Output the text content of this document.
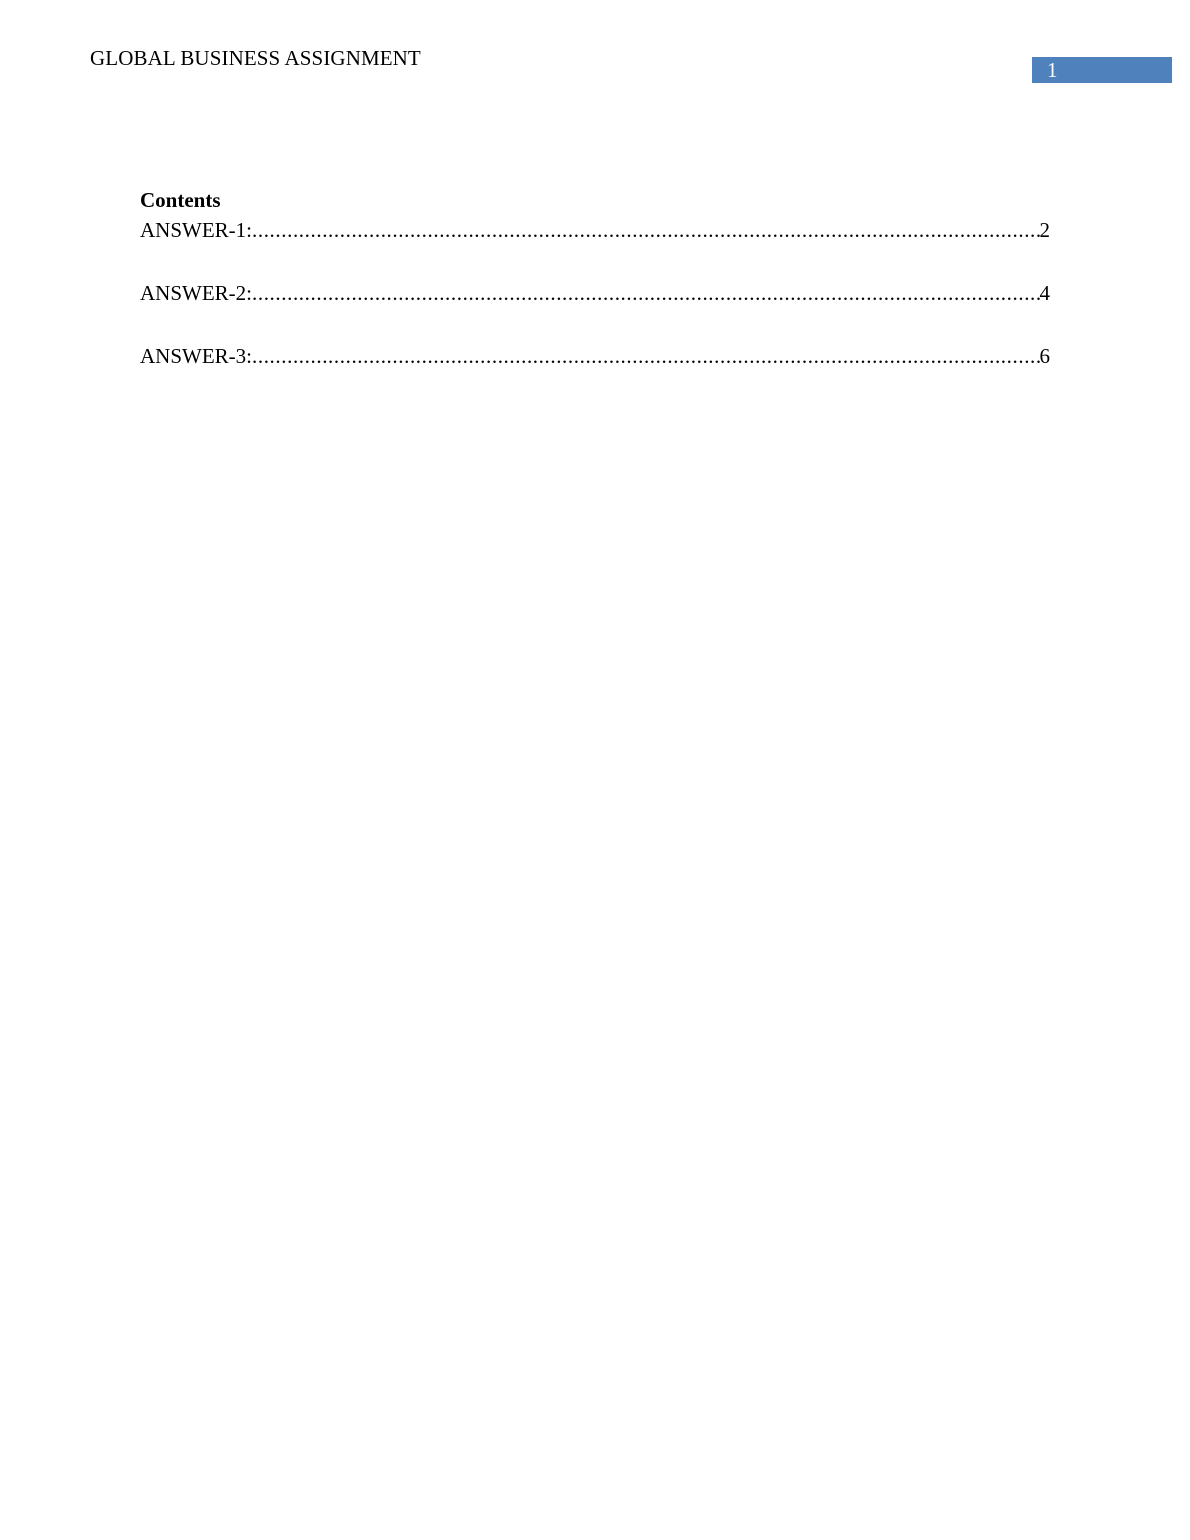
GLOBAL BUSINESS ASSIGNMENT	1

Contents

ANSWER-1: .....	2
ANSWER-2: .....	4
ANSWER-3: .....	6
